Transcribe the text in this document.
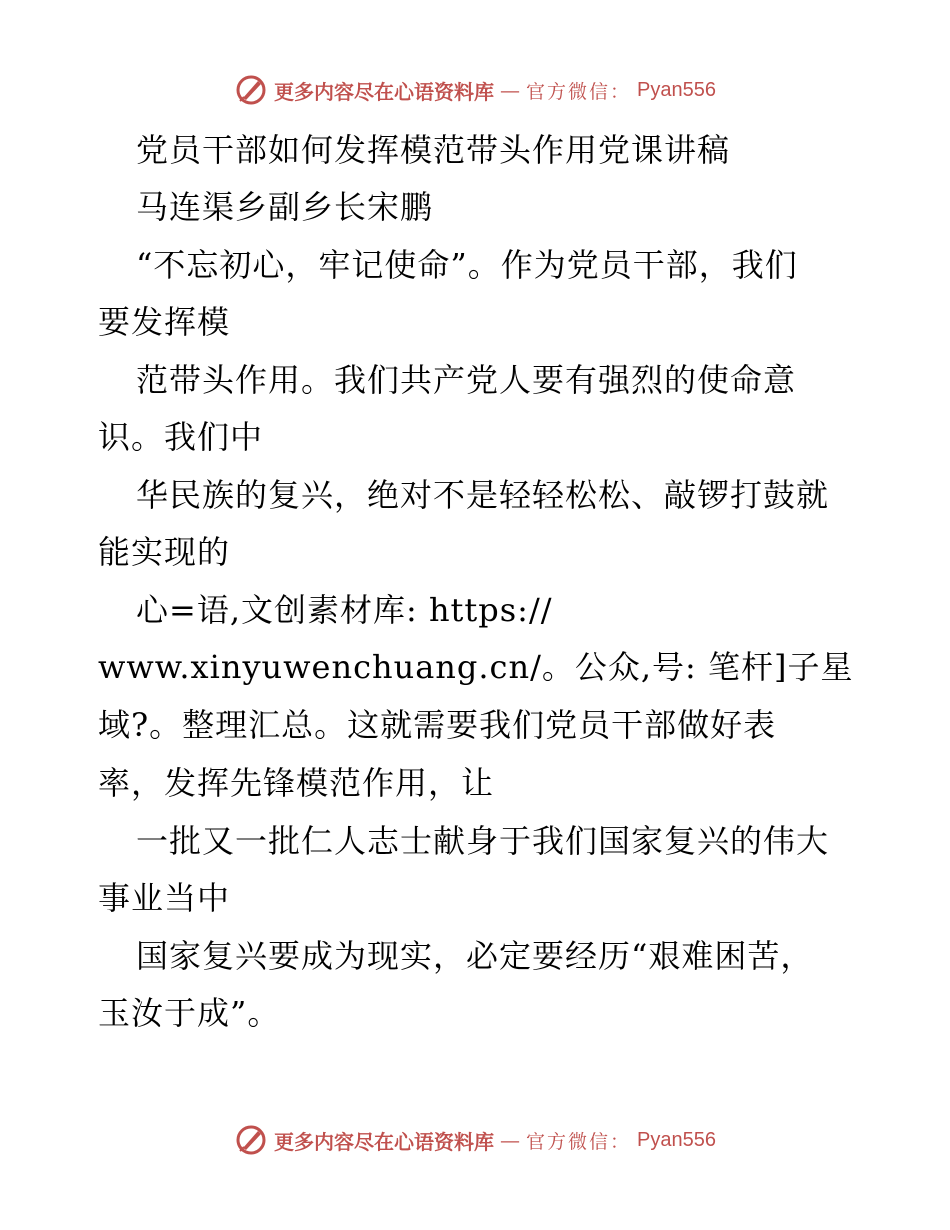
更多内容尽在心语资料库 — 官方微信： Pyan556
党员干部如何发挥模范带头作用党课讲稿
马连渠乡副乡长宋鹏
“不忘初心，牢记使命”。作为党员干部，我们
要发挥模
范带头作用。我们共产党人要有强烈的使命意
识。我们中
华民族的复兴，绝对不是轻轻松松、敲锣打鼓就
能实现的
心=语,文创素材库: https://
www.xinyuwenchuang.cn/。公众,号: 笔杆]子星
域?。整理汇总。这就需要我们党员干部做好表
率，发挥先锋模范作用，让
一批又一批仁人志士献身于我们国家复兴的伟大
事业当中
国家复兴要成为现实，必定要经历“艰难困苦，
玉汝于成”。
更多内容尽在心语资料库 — 官方微信： Pyan556
